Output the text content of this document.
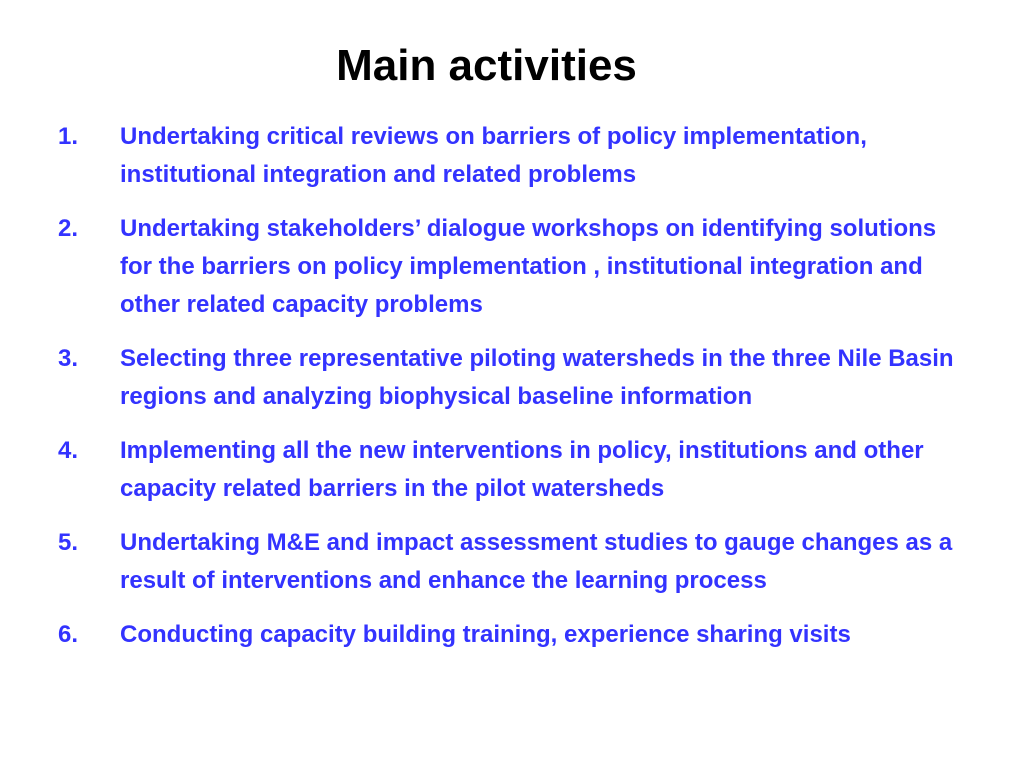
Main activities
1.	Undertaking critical reviews on barriers of policy implementation, institutional integration and related problems
2.	Undertaking stakeholders’ dialogue workshops on identifying solutions for the barriers on policy implementation , institutional integration and other related capacity problems
3.	Selecting three representative piloting watersheds in the three Nile Basin regions and analyzing biophysical baseline information
4.	Implementing all the new interventions in policy, institutions and other capacity related barriers in the pilot watersheds
5.	Undertaking M&E and impact assessment studies to gauge changes as a result of interventions and enhance the learning process
6.	Conducting capacity building training, experience sharing visits
